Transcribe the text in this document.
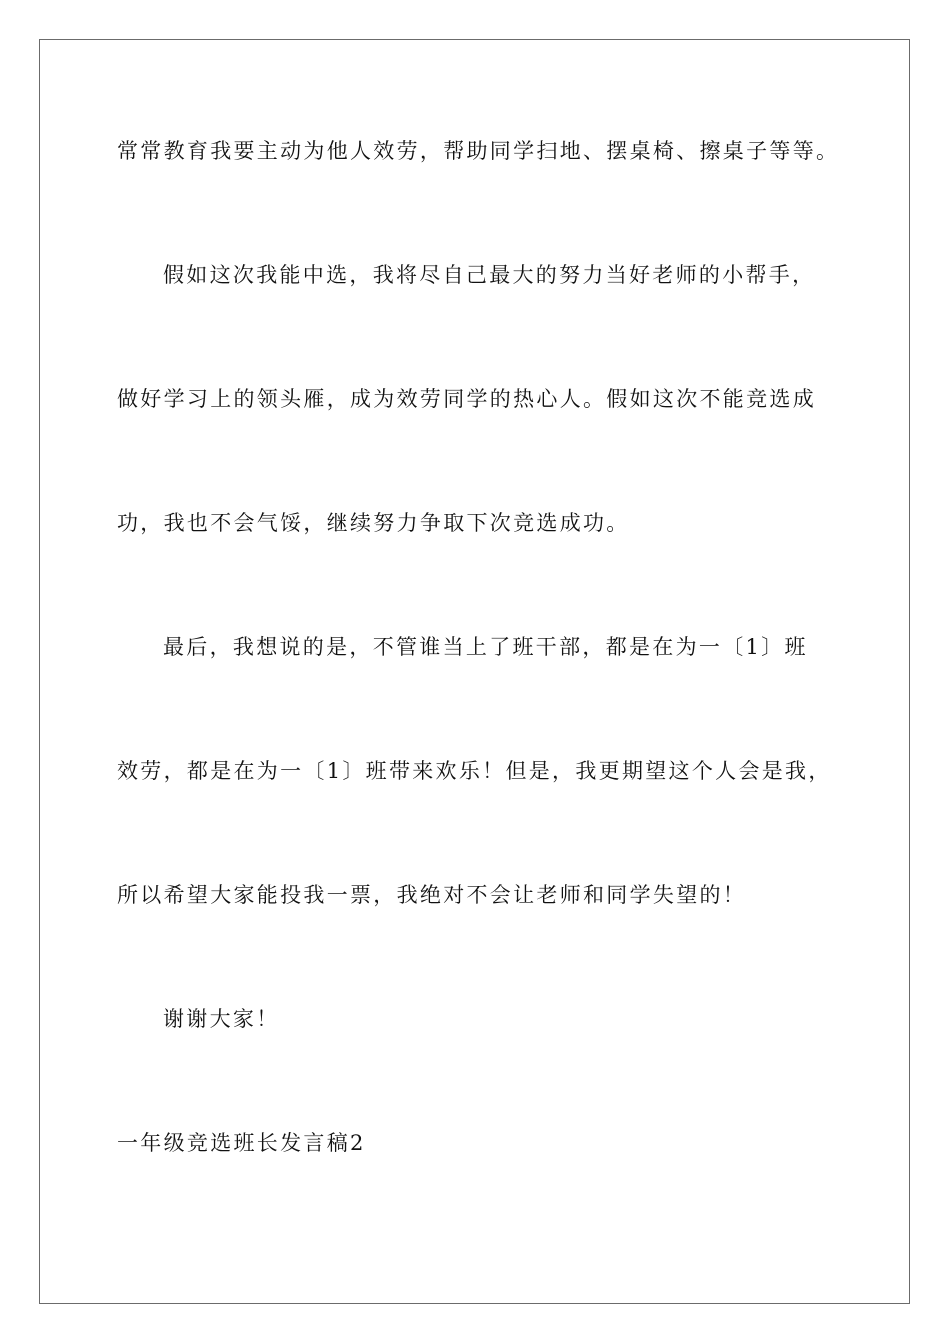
常常教育我要主动为他人效劳，帮助同学扫地、摆桌椅、擦桌子等等。
假如这次我能中选，我将尽自己最大的努力当好老师的小帮手，
做好学习上的领头雁，成为效劳同学的热心人。假如这次不能竞选成
功，我也不会气馁，继续努力争取下次竞选成功。
最后，我想说的是，不管谁当上了班干部，都是在为一〔1〕班
效劳，都是在为一〔1〕班带来欢乐！但是，我更期望这个人会是我，
所以希望大家能投我一票，我绝对不会让老师和同学失望的！
谢谢大家！
一年级竞选班长发言稿2
